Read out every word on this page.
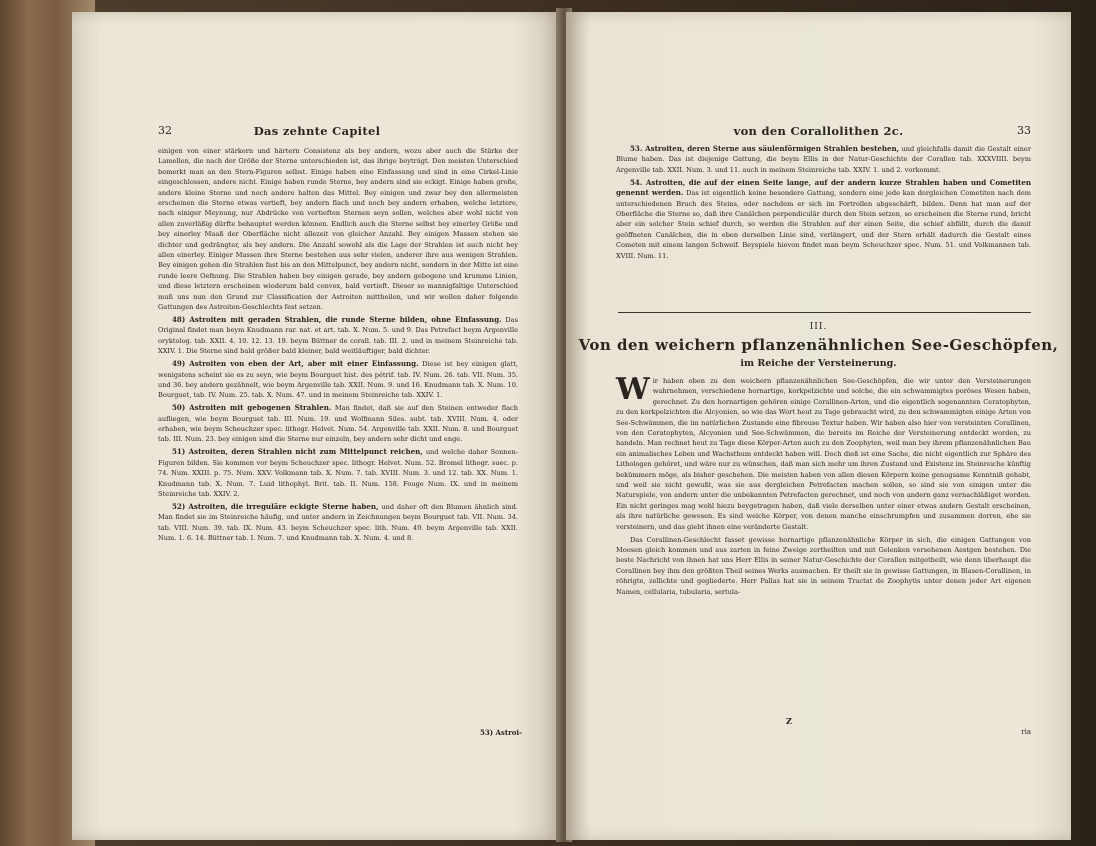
32	Das zehnte Capitel

einigen von einer stärkern und härtern Consistenz als bey andern, wozu aber auch die Stärke der Lamellen, die nach der Größe der Sterne unterschieden ist, das ihrige beyträgt. Den meisten Unterschied bemerkt man an den Stern-Figuren selbst. Einige haben eine Einfassung und sind in eine Cirkel-Linie eingeschlossen, andere nicht. Einige haben runde Sterne, bey andern sind sie eckigt. Einige haben große, andere kleine Sterne und noch andere halten das Mittel. Bey einigen und zwar bey den allermeisten erscheinen die Sterne etwas vertieft, bey andern flach und noch bey andern erhaben, welche letztere, nach einiger Meynung, nur Abdrücke von vertieften Sternen seyn sollen, welches aber wohl nicht von allen zuverläßig dürfte behauptet werden können. Endlich auch die Sterne selbst bey einerley Größe und bey einerley Maaß der Oberfläche nicht allezeit von gleicher Anzahl. Bey einigen Massen stehen sie dichter und gedrängter, als bey andern. Die Anzahl sowohl als die Lage der Strahlen ist auch nicht bey allen einerley. Einiger Massen ihre Sterne bestehen aus sehr vielen, anderer ihre aus wenigen Strahlen. Bey einigen gehen die Strahlen fast bis an den Mittelpunct, bey andern nicht, sondern in der Mitte ist eine runde leere Oefnung. Die Strahlen haben bey einigen gerade, bey andern gebogene und krumme Linien, und diese letztern erscheinen wiederum bald convex, bald vertieft. Dieser so mannigfaltige Unterschied muß uns nun den Grund zur Classification der Astroiten mittheilen, und wir wollen daher folgende Gattungen des Astroiten-Geschlechts fest setzen.

48) Astroiten mit geraden Strahlen, die runde Sterne bilden, ohne Einfassung. Das Original findet man beym Knudmann rar. nat. et art. tab. X. Num. 5. und 9. Das Petrefact beym Argenville oryktolog. tab. XXII. 4. 10. 12. 13. 19. beym Büttner de corall. tab. III. 2. und in meinem Steinreiche tab. XXIV. 1. Die Sterne sind bald größer bald kleiner, bald weitläuftiger, bald dichter.

49) Astroiten von eben der Art, aber mit einer Einfassung. Diese ist bey einigen glatt, wenigstens scheint sie es zu seyn, wie beym Bourguet hist. des pétrif. tab. IV. Num. 26. tab. VII. Num. 35. und 36. bey andern gezähnelt, wie beym Argenville tab. XXII. Num. 9. und 16. Knudmann tab. X. Num. 10. Bourguet, tab. IV. Num. 25. tab. X. Num. 47. und in meinem Steinreiche tab. XXIV. 1.

50) Astroiten mit gebogenen Strahlen. Man findet, daß sie auf den Steinen entweder flach aufliegen, wie beym Bourguet tab. III. Num. 19. und Wolfmann Siles. subt. tab. XVIII. Num. 4. oder erhaben, wie beym Scheuchzer spec. lithogr. Helvet. Num. 54. Argenville tab. XXII. Num. 8. und Bourguet tab. III. Num. 23. bey einigen sind die Sterne nur einzeln, bey andern sehr dicht und enge.

51) Astroiten, deren Strahlen nicht zum Mittelpunct reichen, und welche daher Sonnen-Figuren bilden. Sie kommen vor beym Scheuchzer spec. lithogr. Helvet. Num. 52. Bromel lithogr. suec. p. 74. Num. XXIII. p. 75. Num. XXV. Volkmann tab. X. Num. 7. tab. XVIII. Num. 3. und 12. tab. XX. Num. 1. Knudmann tab. X. Num. 7. Luid lithophyl. Brit. tab. II. Num. 158. Fouge Num. IX. und in meinem Steinreiche tab. XXIV. 2.

52) Astroiten, die irreguläre eckigte Sterne haben, und daher oft den Blumen ähnlich sind. Man findet sie im Steinreiche häufig, und unter andern in Zeichnungen beym Bourguet tab. VII. Num. 34. tab. VIII. Num. 39. tab. IX. Num. 43. beym Scheuchzer spec. lith. Num. 49. beym Argenville tab. XXII. Num. 1. 6. 14. Büttner tab. I. Num. 7. und Knudmann tab. X. Num. 4. und 8.

53) Astroi-
von den Corallolithen 2c.	33

53. Astroiten, deren Sterne aus säulenförmigen Strahlen bestehen, und gleichfalls damit die Gestalt einer Blume haben. Das ist diejenige Gattung, die beym Ellis in der Natur-Geschichte der Corallen tab. XXXVIIII. beym Argenville tab. XXII. Num. 3. und 11. auch in meinem Steinreiche tab. XXIV. 1. und 2. vorkommt.

54. Astroiten, die auf der einen Seite lange, auf der andern kurze Strahlen haben und Cometiten genennt werden. Das ist eigentlich keine besondere Gattung, sondern eine jede kan dergleichen Cometiten nach dem unterschiedenen Bruch des Steins, oder nachdem er sich im Fortrollen abgeschärft, bilden. Denn hat man auf der Oberfläche die Sterne so, daß ihre Canälchen perpendiculär durch den Stein setzen, so erscheinen die Sterne rund, bricht aber ein solcher Stein schief durch, so werden die Strahlen auf der einen Seite, die schief abfällt, durch die damit geöffneten Canälchen, die in eben derselben Linie sind, verlängert, und der Stern erhält dadurch die Gestalt eines Cometen mit einem langen Schweif. Beyspiele hievon findet man beym Scheuchzer spec. Num. 51. und Volkmannen tab. XVIII. Num. 11.

III.
Von den weichern pflanzenähnlichen See-Geschöpfen,
im Reiche der Versteinerung.

Wir haben oben zu den weichern pflanzenähnlichen See-Geschöpfen, die wir unter den Versteinerungen wahrnehmen, verschiedene hornartige, korkpelzichte und solche, die ein schwammigtes poröses Wesen haben, gerechnet. Zu den hornartigen gehören einige Corallinen-Arten, und die eigentlich sogenannten Ceratophyten, zu den korkpelzichten die Alcyonien, so wie das Wort heut zu Tage gebraucht wird, zu den schwammigten einige Arten von See-Schwämmen, die im natürlichen Zustande eine fibreuse Textur haben. Wir haben also hier von versteinten Corallinen, von den Ceratophyten, Alcyonien und See-Schwämmen, die bereits im Reiche der Versteinerung entdeckt worden, zu handeln. Man rechnet heut zu Tage diese Körper-Arten auch zu den Zoophyten, weil man bey ihrem pflanzenähnlichen Bau ein animalisches Leben und Wachsthum entdeckt haben will. Doch dieß ist eine Sache, die nicht eigentlich zur Sphäre des Lithologen gehöret, und wäre nur zu wünschen, daß man sich mehr um ihren Zustand und Existenz im Steinreiche künftig bekümmern möge, als bisher geschehen. Die meisten haben von allen diesen Körpern keine genugsame Kenntniß gehabt, und weil sie nicht gewußt, was sie aus dergleichen Petrefacten machen sollen, so sind sie von einigen unter die Naturspiele, von andern unter die unbekannten Petrefacten gerechnet, und noch von andern ganz vernachläßiget worden. Ein nicht geringes mag wohl hiezu beygetragen haben, daß viele derselben unter einer etwas andern Gestalt erscheinen, als ihre natürliche gewesen. Es sind weiche Körper, von denen manche einschrumpfen und zusammen dorren, ehe sie versteinern, und das giebt ihnen eine veränderte Gestalt.

Das Corallinen-Geschlecht fasset gewisse hornartige pflanzenähnliche Körper in sich, die einigen Gattungen von Moosen gleich kommen und aus zarten in feine Zweige zertheilten und mit Gelenken versehenen Aestgen bestehen. Die beste Nachricht von ihnen hat uns Herr Ellis in seiner Natur-Geschichte der Corallen mitgetheilt, wie denn überhaupt die Corallinen bey ihm den größten Theil seines Werks ausmachen. Er theilt sie in gewisse Gattungen, in Blasen-Corallinen, in röhrigte, zellichte und gegliederte. Herr Pallas hat sie in seinem Tractat de Zoophytis unter denen jeder Art eigenen Namen, cellularia, tubularia, sertula-

Z
ria
